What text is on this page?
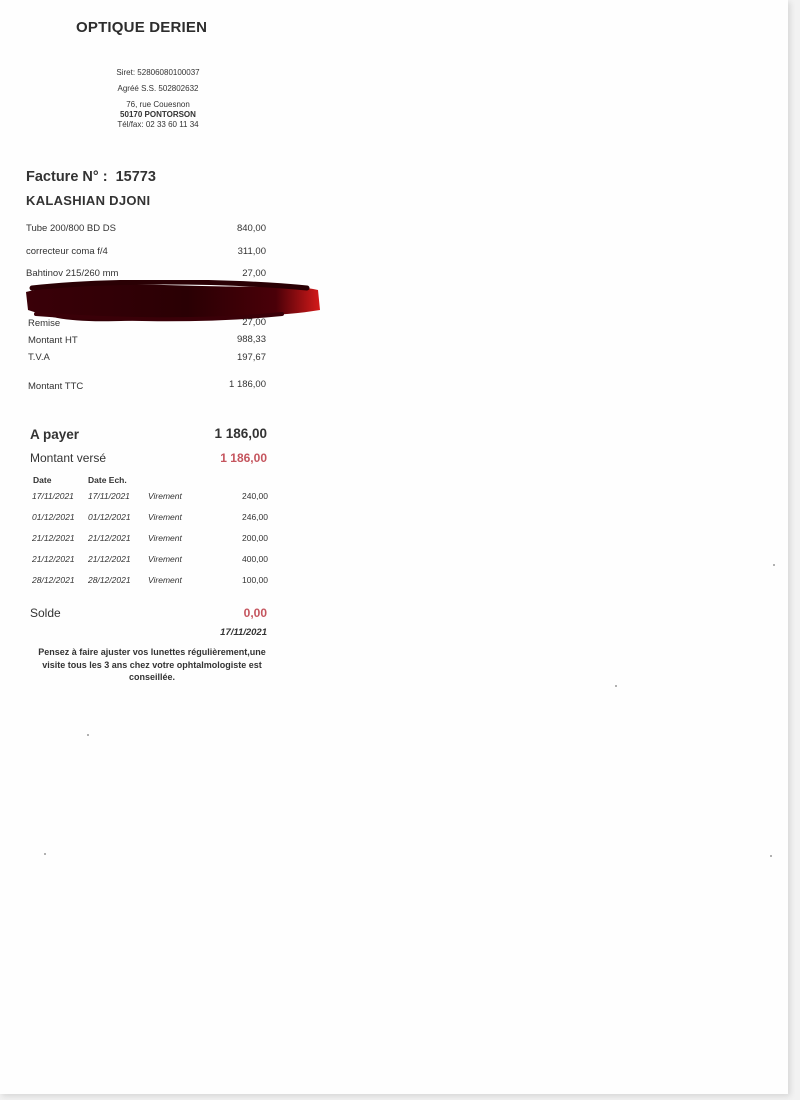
OPTIQUE DERIEN
Siret: 52806080100037
Agréé S.S. 502802632
76, rue Couesnon
50170 PONTORSON
Tél/fax: 02 33 60 11 34
Facture N° : 15773
KALASHIAN DJONI
Tube 200/800 BD DS	840,00
correcteur coma f/4	311,00
Bahtinov 215/260 mm	27,00
Remise	27,00
Montant HT	988,33
T.V.A	197,67
Montant TTC	1 186,00
A payer	1 186,00
Montant versé	1 186,00
Date	Date Ech.
17/11/2021 17/11/2021 Virement	240,00
01/12/2021 01/12/2021 Virement	246,00
21/12/2021 21/12/2021 Virement	200,00
21/12/2021 21/12/2021 Virement	400,00
28/12/2021 28/12/2021 Virement	100,00
Solde	0,00
17/11/2021
Pensez à faire ajuster vos lunettes régulièrement,une visite tous les 3 ans chez votre ophtalmologiste est conseillée.
